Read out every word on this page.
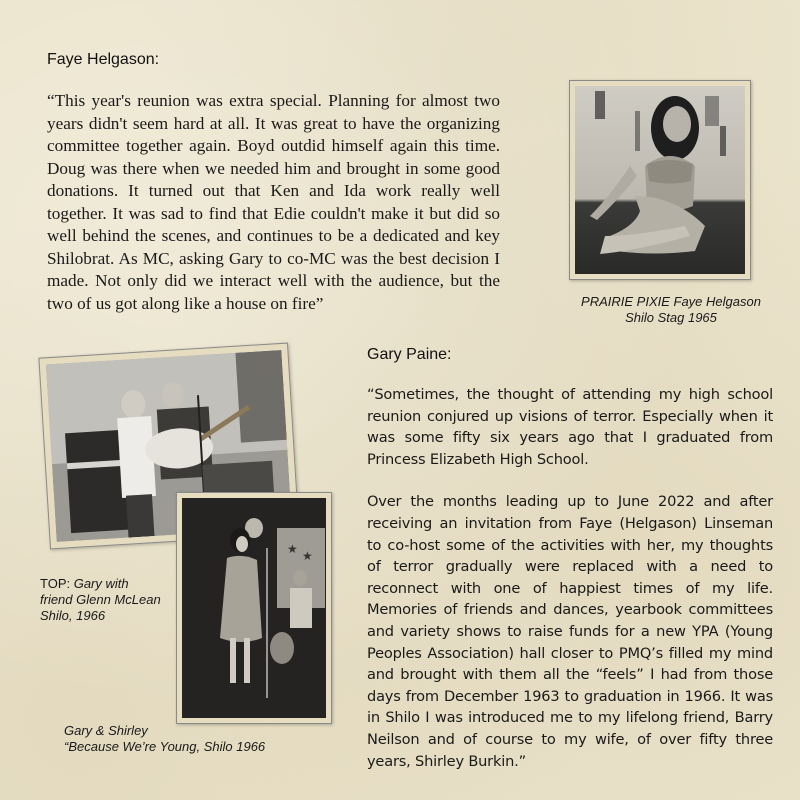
Faye Helgason:

“This year's reunion was extra special. Planning for almost two years didn't seem hard at all. It was great to have the organizing committee together again. Boyd outdid himself again this time. Doug was there when we needed him and brought in some good donations. It turned out that Ken and Ida work really well together. It was sad to find that Edie couldn't make it but did so well behind the scenes, and continues to be a dedicated and key Shilobrat. As MC, asking Gary to co-MC was the best decision I made. Not only did we interact well with the audience, but the two of us got along like a house on fire”	PRAIRIE PIXIE Faye Helgason
Shilo Stag 1965
Gary Paine:

“Sometimes, the thought of attending my high school reunion conjured up visions of terror. Especially when it was some fifty six years ago that I graduated from Princess Elizabeth High School.

Over the months leading up to June 2022 and after receiving an invitation from Faye (Helgason) Linseman to co-host some of the activities with her, my thoughts of terror gradually were replaced with a need to reconnect with one of happiest times of my life. Memories of friends and dances, yearbook committees and variety shows to raise funds for a new YPA (Young Peoples Association) hall closer to PMQ’s filled my mind and brought with them all the “feels” I had from those days from December 1963 to graduation in 1966. It was in Shilo I was introduced me to my lifelong friend, Barry Neilson and of course to my wife, of over fifty three years, Shirley Burkin.”

★ ★
TOP: Gary with
friend Glenn McLean
Shilo, 1966
Gary & Shirley
“Because We’re Young, Shilo 1966
